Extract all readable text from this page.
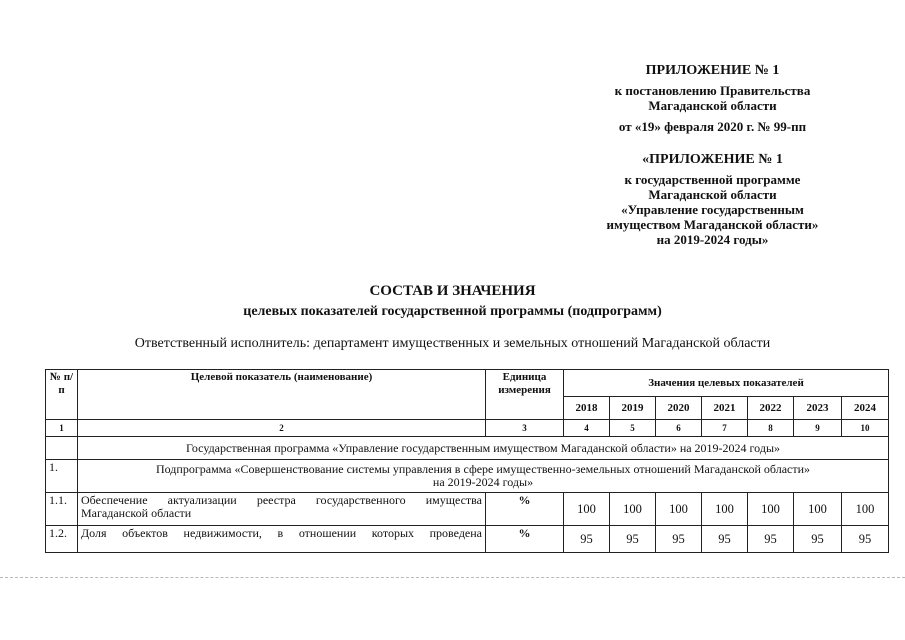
ПРИЛОЖЕНИЕ № 1
к постановлению Правительства
Магаданской области
от «19» февраля 2020 г. № 99-пп
«ПРИЛОЖЕНИЕ № 1
к государственной программе
Магаданской области
«Управление государственным
имуществом Магаданской области»
на 2019-2024 годы»
СОСТАВ И ЗНАЧЕНИЯ
целевых показателей государственной программы (подпрограмм)
Ответственный исполнитель: департамент имущественных и земельных отношений Магаданской области
№ п/п	Целевой показатель (наименование)	Единица измерения	Значения целевых показателей						
			2018	2019	2020	2021	2022	2023	2024
1	2	3	4	5	6	7	8	9	10
	Государственная программа «Управление государственным имуществом Магаданской области» на 2019-2024 годы»								
1.	Подпрограмма «Совершенствование системы управления в сфере имущественно-земельных отношений Магаданской области»
на 2019-2024 годы»								

1.1.	Обеспечение актуализации реестра государственного имущества Магаданской области	%	100	100	100	100	100	100	100
1.2.	Доля объектов недвижимости, в отношении которых проведена	%	95	95	95	95	95	95	95
